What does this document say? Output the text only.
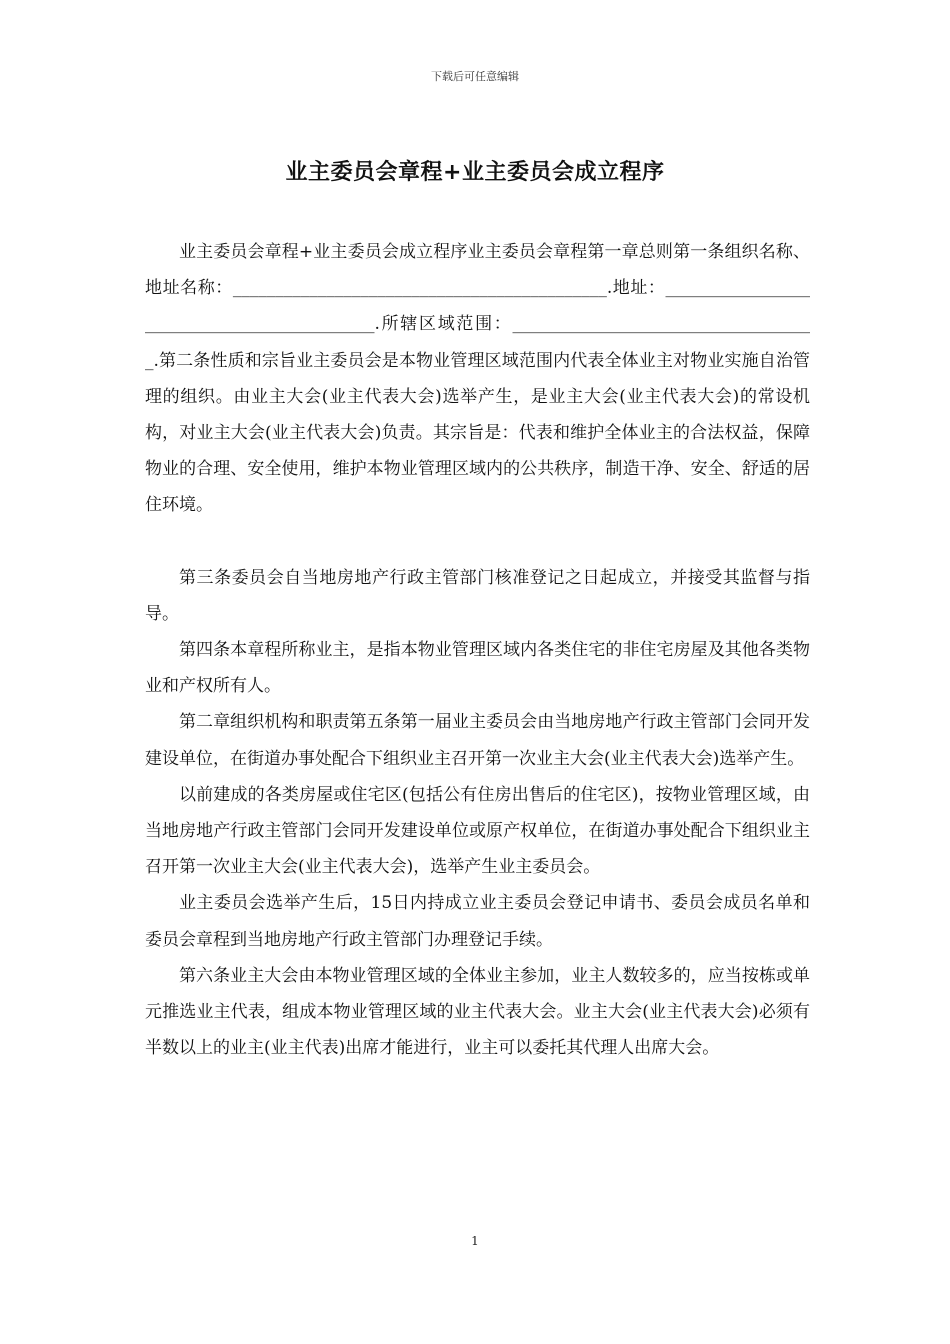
下载后可任意编辑
业主委员会章程+业主委员会成立程序

业主委员会章程+业主委员会成立程序业主委员会章程第一章总则第一条组织名称、地址名称：____________________________________________.地址：____________________________________________.所辖区域范围：____________________________________.第二条性质和宗旨业主委员会是本物业管理区域范围内代表全体业主对物业实施自治管理的组织。由业主大会(业主代表大会)选举产生，是业主大会(业主代表大会)的常设机构，对业主大会(业主代表大会)负责。其宗旨是：代表和维护全体业主的合法权益，保障物业的合理、安全使用，维护本物业管理区域内的公共秩序，制造干净、安全、舒适的居住环境。

第三条委员会自当地房地产行政主管部门核准登记之日起成立，并接受其监督与指导。

第四条本章程所称业主，是指本物业管理区域内各类住宅的非住宅房屋及其他各类物业和产权所有人。

第二章组织机构和职责第五条第一届业主委员会由当地房地产行政主管部门会同开发建设单位，在街道办事处配合下组织业主召开第一次业主大会(业主代表大会)选举产生。

以前建成的各类房屋或住宅区(包括公有住房出售后的住宅区)，按物业管理区域，由当地房地产行政主管部门会同开发建设单位或原产权单位，在街道办事处配合下组织业主召开第一次业主大会(业主代表大会)，选举产生业主委员会。

业主委员会选举产生后，15日内持成立业主委员会登记申请书、委员会成员名单和委员会章程到当地房地产行政主管部门办理登记手续。

第六条业主大会由本物业管理区域的全体业主参加，业主人数较多的，应当按栋或单元推选业主代表，组成本物业管理区域的业主代表大会。业主大会(业主代表大会)必须有半数以上的业主(业主代表)出席才能进行，业主可以委托其代理人出席大会。

1
